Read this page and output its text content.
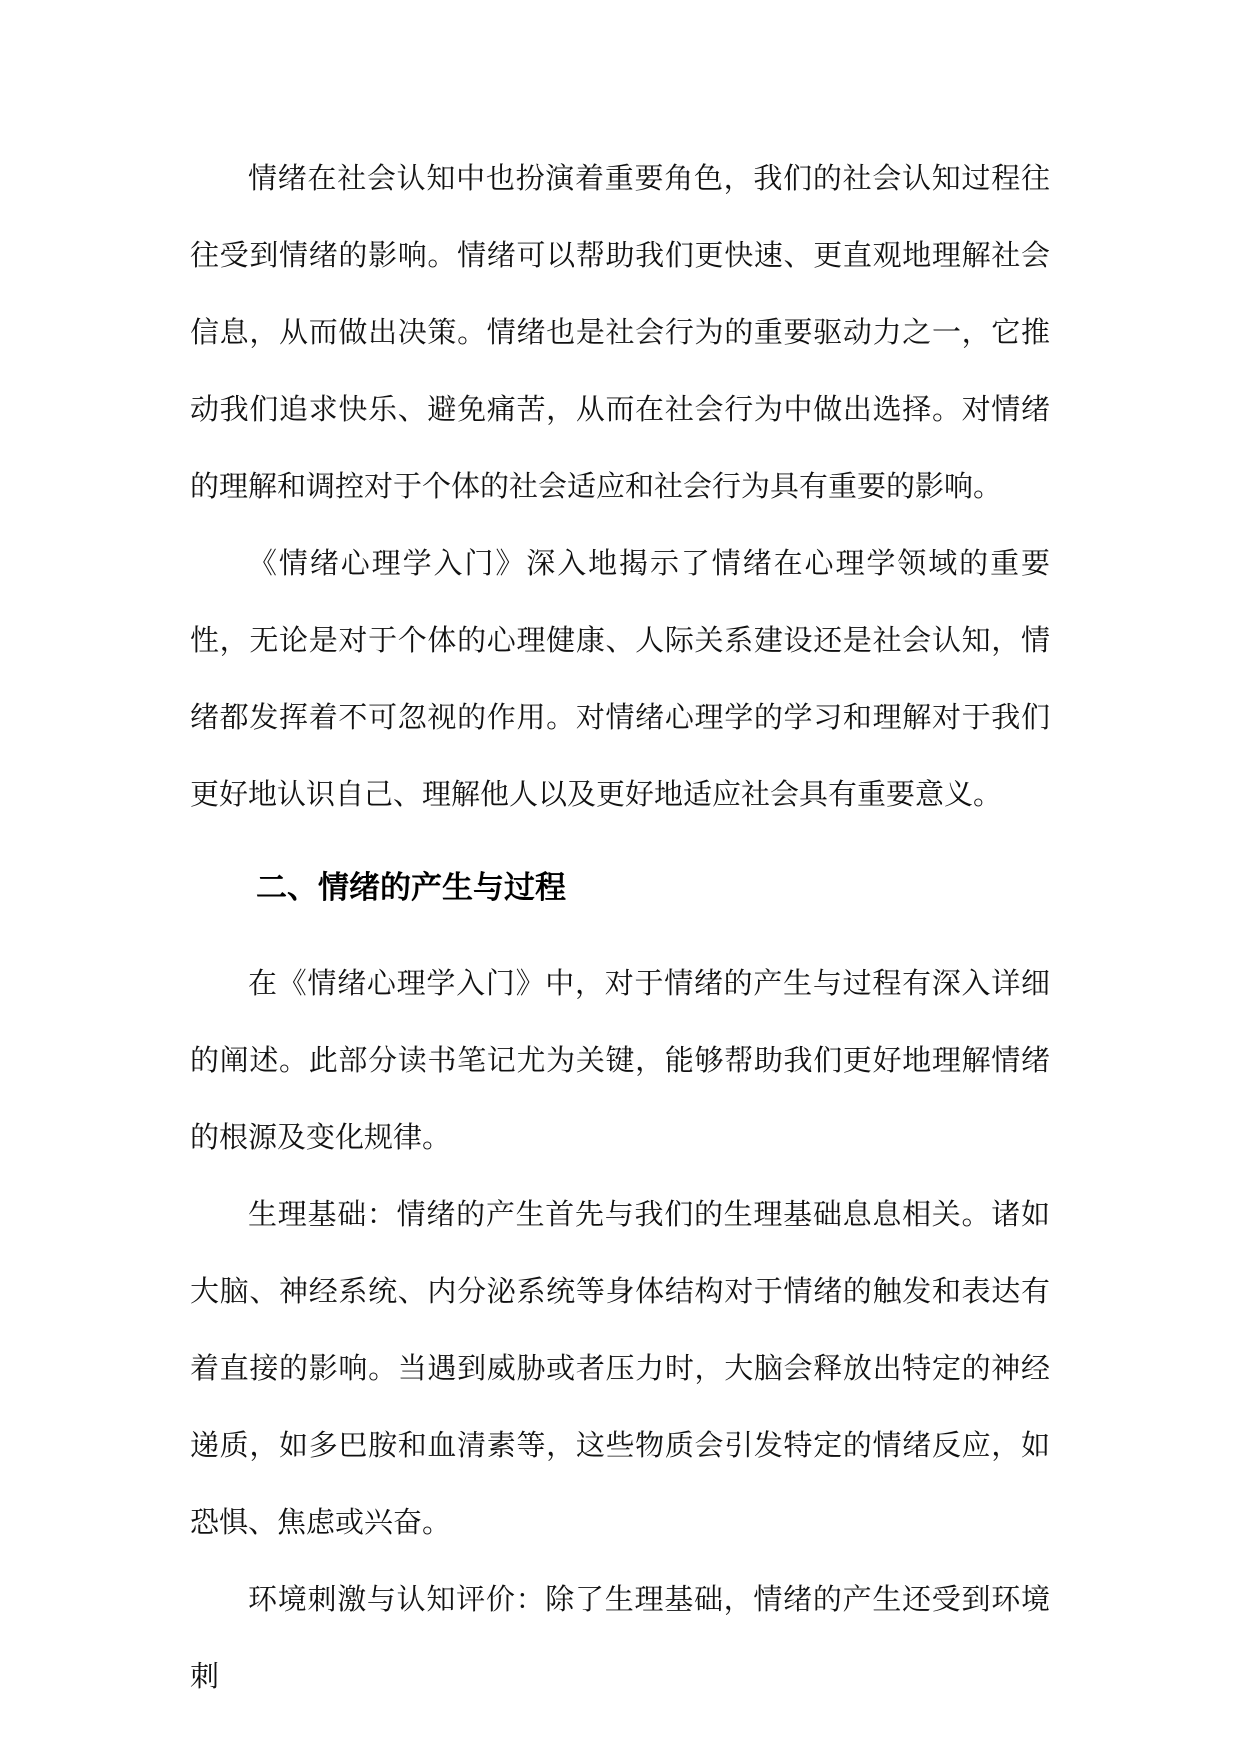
情绪在社会认知中也扮演着重要角色，我们的社会认知过程往往受到情绪的影响。情绪可以帮助我们更快速、更直观地理解社会信息，从而做出决策。情绪也是社会行为的重要驱动力之一，它推动我们追求快乐、避免痛苦，从而在社会行为中做出选择。对情绪的理解和调控对于个体的社会适应和社会行为具有重要的影响。

《情绪心理学入门》深入地揭示了情绪在心理学领域的重要性，无论是对于个体的心理健康、人际关系建设还是社会认知，情绪都发挥着不可忽视的作用。对情绪心理学的学习和理解对于我们更好地认识自己、理解他人以及更好地适应社会具有重要意义。

二、情绪的产生与过程

在《情绪心理学入门》中，对于情绪的产生与过程有深入详细的阐述。此部分读书笔记尤为关键，能够帮助我们更好地理解情绪的根源及变化规律。

生理基础：情绪的产生首先与我们的生理基础息息相关。诸如大脑、神经系统、内分泌系统等身体结构对于情绪的触发和表达有着直接的影响。当遇到威胁或者压力时，大脑会释放出特定的神经递质，如多巴胺和血清素等，这些物质会引发特定的情绪反应，如恐惧、焦虑或兴奋。

环境刺激与认知评价：除了生理基础，情绪的产生还受到环境刺
